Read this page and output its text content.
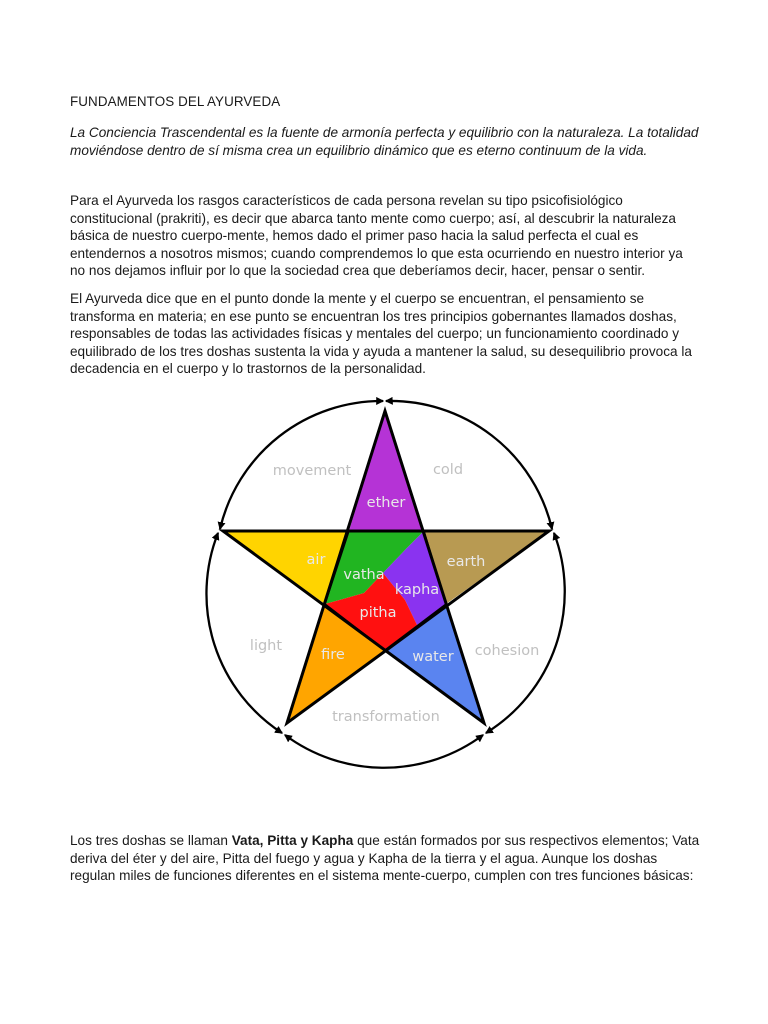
FUNDAMENTOS DEL AYURVEDA

La Conciencia Trascendental es la fuente de armonía perfecta y equilibrio con la naturaleza. La totalidad moviéndose dentro de sí misma crea un equilibrio dinámico que es eterno continuum de la vida.

Para el Ayurveda los rasgos característicos de cada persona revelan su tipo psicofisiológico constitucional (prakriti), es decir que abarca tanto mente como cuerpo; así, al descubrir la naturaleza básica de nuestro cuerpo-mente, hemos dado el primer paso hacia la salud perfecta el cual es entendernos a nosotros mismos; cuando comprendemos lo que esta ocurriendo en nuestro interior ya no nos dejamos influir por lo que la sociedad crea que deberíamos decir, hacer, pensar o sentir.

El Ayurveda dice que en el punto donde la mente y el cuerpo se encuentran, el pensamiento se transforma en materia; en ese punto se encuentran los tres principios gobernantes llamados doshas, responsables de todas las actividades físicas y mentales del cuerpo; un funcionamiento coordinado y equilibrado de los tres doshas sustenta la vida y ayuda a mantener la salud, su desequilibrio provoca la decadencia en el cuerpo y lo trastornos de la personalidad.

Los tres doshas se llaman Vata, Pitta y Kapha que están formados por sus respectivos elementos; Vata deriva del éter y del aire, Pitta del fuego y agua y Kapha de la tierra y el agua. Aunque los doshas regulan miles de funciones diferentes en el sistema mente-cuerpo, cumplen con tres funciones básicas:

movement	cold
light	cohesion
transformation
ether
air	earth
fire	water
vatha
kapha
pitha
